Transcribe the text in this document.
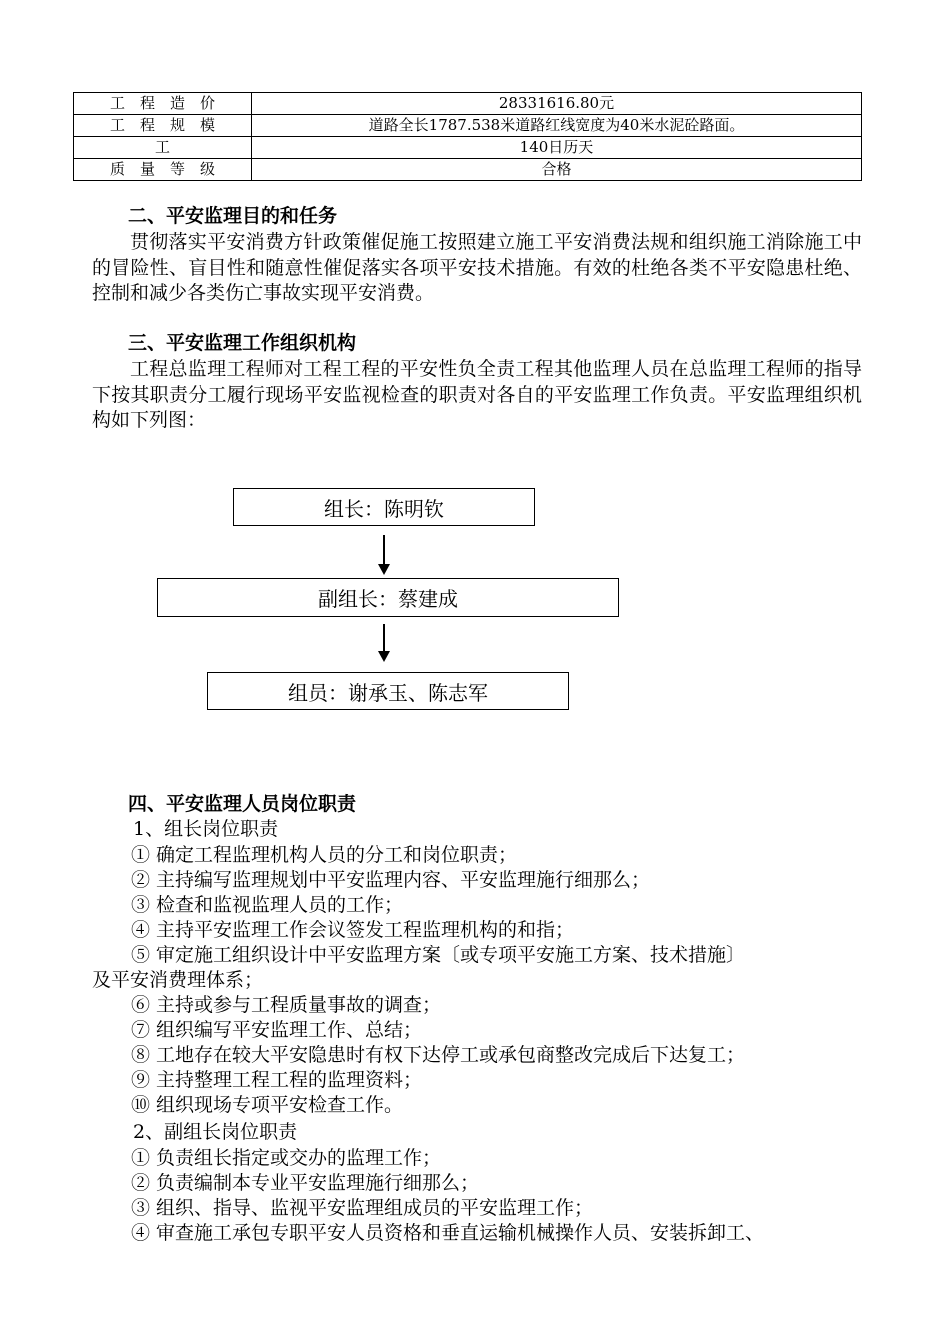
工　程　造　价	28331616.80元
工　程　规　模	道路全长1787.538米道路红线宽度为40米水泥砼路面。
工	140日历天
质　量　等　级	合格
二、平安监理目的和任务
贯彻落实平安消费方针政策催促施工按照建立施工平安消费法规和组织施工消除施工中的冒险性、盲目性和随意性催促落实各项平安技术措施。有效的杜绝各类不平安隐患杜绝、控制和减少各类伤亡事故实现平安消费。
三、平安监理工作组织机构
工程总监理工程师对工程工程的平安性负全责工程其他监理人员在总监理工程师的指导下按其职责分工履行现场平安监视检查的职责对各自的平安监理工作负责。平安监理组织机构如下列图：
组长：陈明钦
副组长：蔡建成
组员：谢承玉、陈志军
四、平安监理人员岗位职责
1、组长岗位职责
① 确定工程监理机构人员的分工和岗位职责；
② 主持编写监理规划中平安监理内容、平安监理施行细那么；
③ 检查和监视监理人员的工作；
④ 主持平安监理工作会议签发工程监理机构的和指；
⑤ 审定施工组织设计中平安监理方案〔或专项平安施工方案、技术措施〕
及平安消费理体系；
⑥ 主持或参与工程质量事故的调查；
⑦ 组织编写平安监理工作、总结；
⑧ 工地存在较大平安隐患时有权下达停工或承包商整改完成后下达复工；
⑨ 主持整理工程工程的监理资料；
⑩ 组织现场专项平安检查工作。
2、副组长岗位职责
① 负责组长指定或交办的监理工作；
② 负责编制本专业平安监理施行细那么；
③ 组织、指导、监视平安监理组成员的平安监理工作；
④ 审查施工承包专职平安人员资格和垂直运输机械操作人员、安装拆卸工、
